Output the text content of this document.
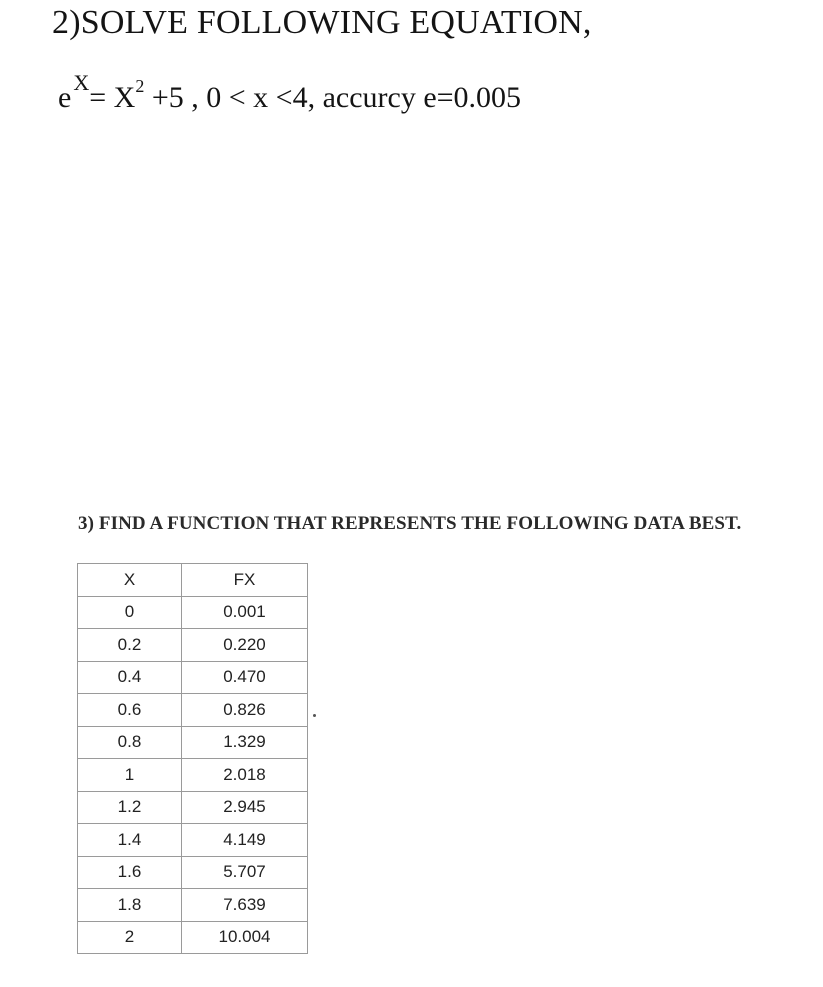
2)SOLVE FOLLOWING EQUATION,
$e^X= X^2 +5$ , 0 < x <4, accurcy e=0.005
3) FIND A FUNCTION THAT REPRESENTS THE FOLLOWING DATA BEST.
X	FX
0	0.001
0.2	0.220
0.4	0.470
0.6	0.826
0.8	1.329
1	2.018
1.2	2.945
1.4	4.149
1.6	5.707
1.8	7.639
2	10.004
